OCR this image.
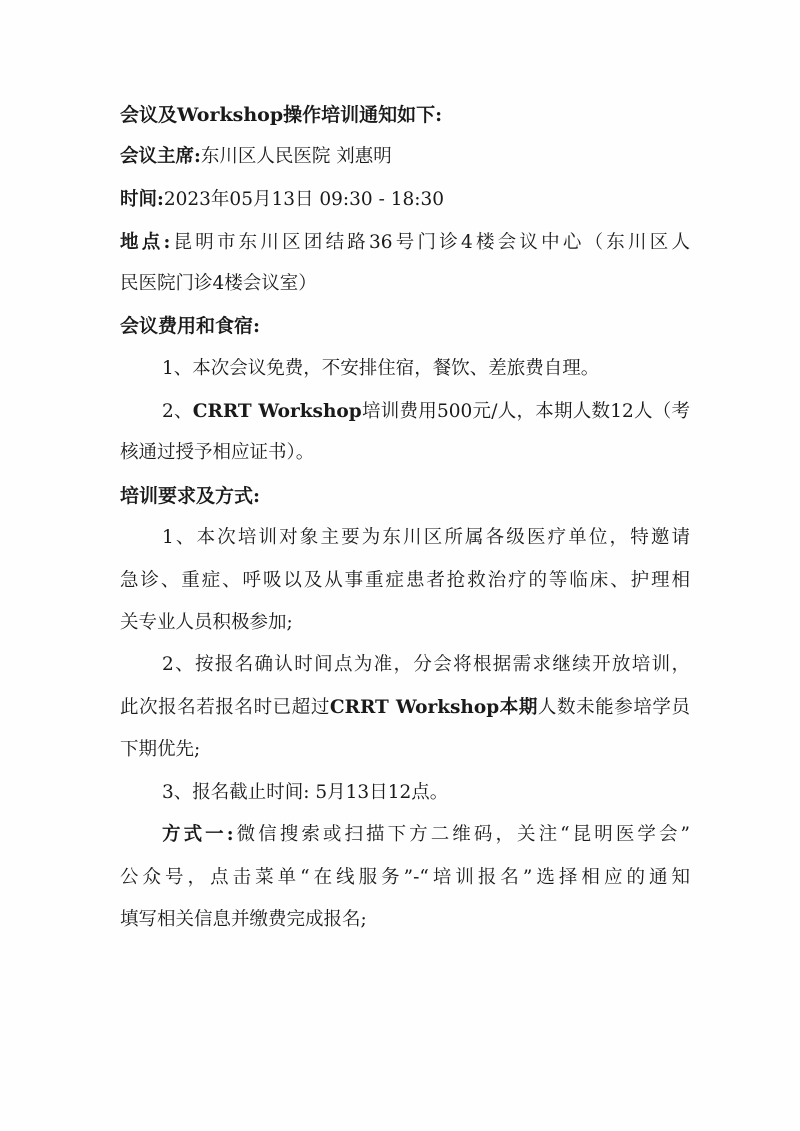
会议及Workshop操作培训通知如下:
会议主席:东川区人民医院 刘惠明
时间:2023年05月13日 09:30 - 18:30
地点:昆明市东川区团结路36号门诊4楼会议中心（东川区人
民医院门诊4楼会议室）
会议费用和食宿:
1、本次会议免费，不安排住宿，餐饮、差旅费自理。
2、CRRT Workshop培训费用500元/人，本期人数12人（考
核通过授予相应证书）。
培训要求及方式:
1、本次培训对象主要为东川区所属各级医疗单位，特邀请
急诊、重症、呼吸以及从事重症患者抢救治疗的等临床、护理相
关专业人员积极参加;
2、按报名确认时间点为准，分会将根据需求继续开放培训，
此次报名若报名时已超过CRRT Workshop本期人数未能参培学员
下期优先;
3、报名截止时间: 5月13日12点。
方式一:微信搜索或扫描下方二维码，关注“昆明医学会”
公众号，点击菜单“在线服务”-“培训报名”选择相应的通知
填写相关信息并缴费完成报名;
